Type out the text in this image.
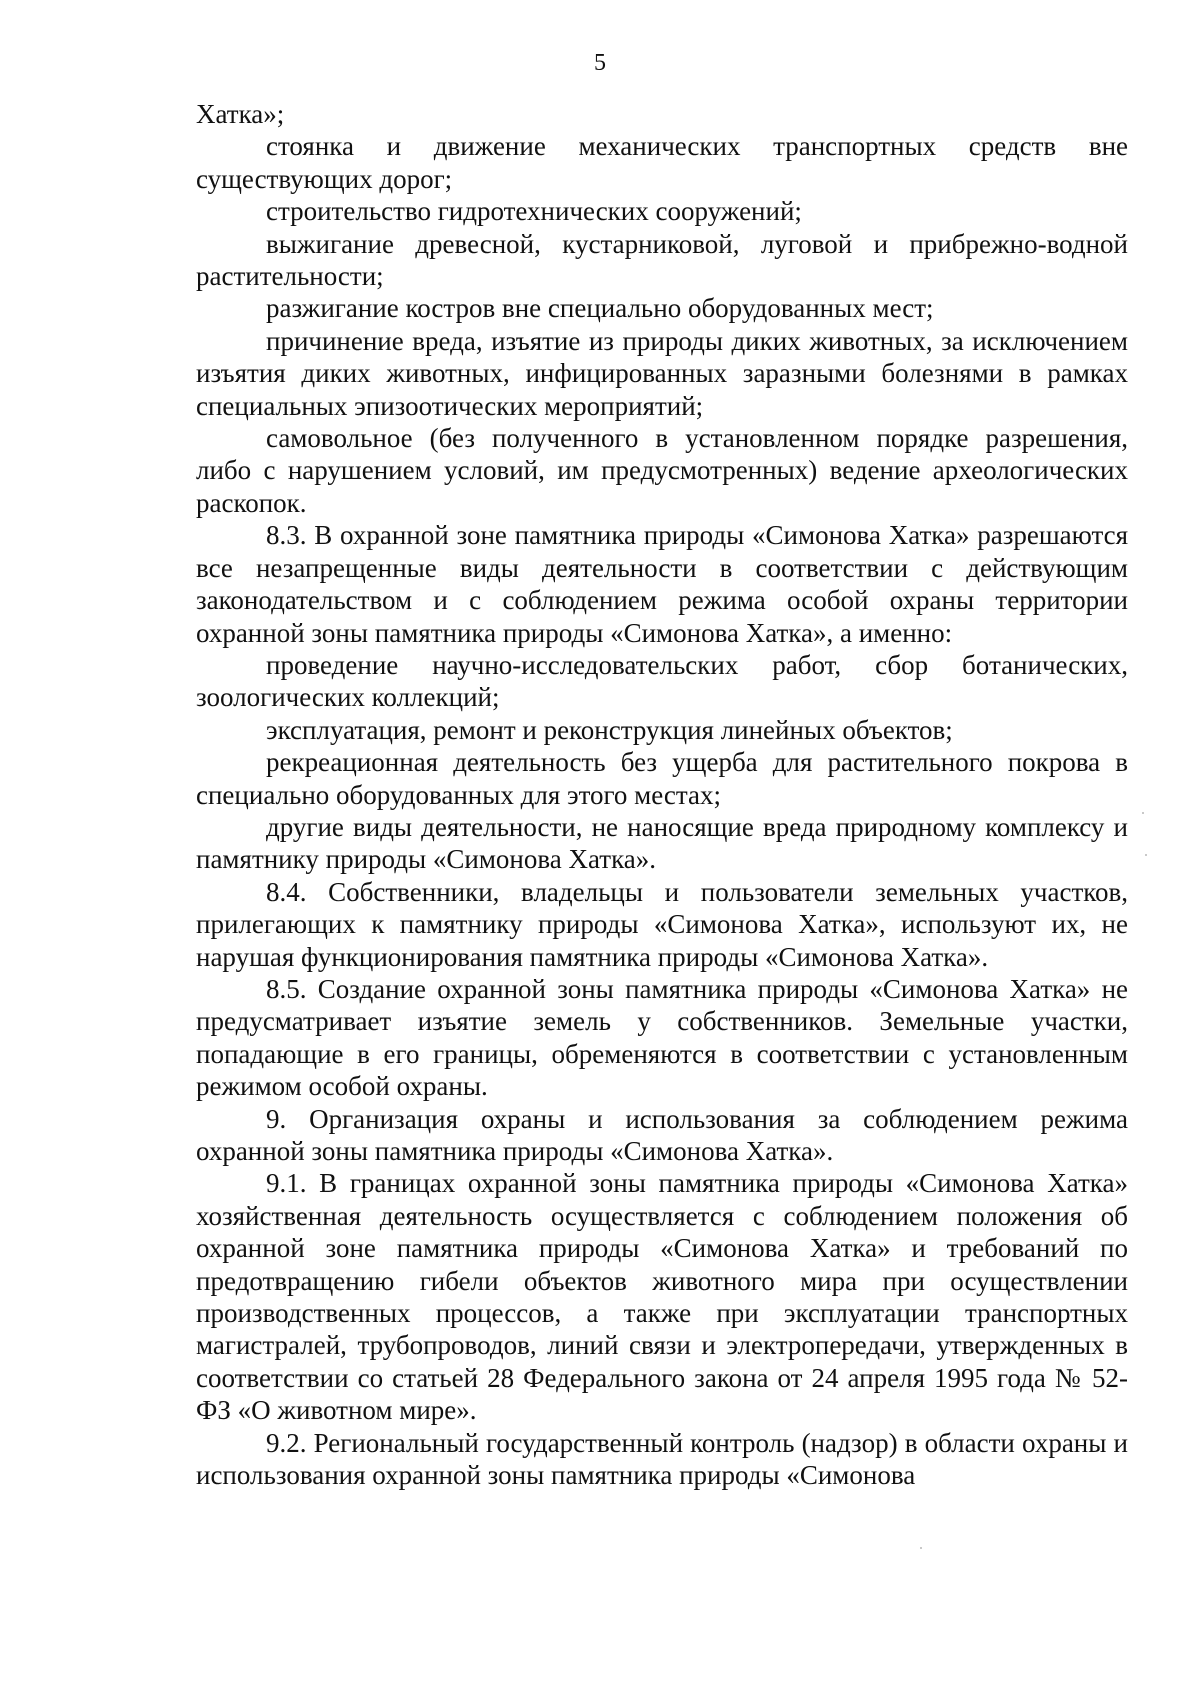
5

Хатка»;

стоянка и движение механических транспортных средств вне существующих дорог;

строительство гидротехнических сооружений;

выжигание древесной, кустарниковой, луговой и прибрежно-водной растительности;

разжигание костров вне специально оборудованных мест;

причинение вреда, изъятие из природы диких животных, за исключением изъятия диких животных, инфицированных заразными болезнями в рамках специальных эпизоотических мероприятий;

самовольное (без полученного в установленном порядке разрешения, либо с нарушением условий, им предусмотренных) ведение археологических раскопок.

8.3. В охранной зоне памятника природы «Симонова Хатка» разрешаются все незапрещенные виды деятельности в соответствии с действующим законодательством и с соблюдением режима особой охраны территории охранной зоны памятника природы «Симонова Хатка», а именно:

проведение научно-исследовательских работ, сбор ботанических, зоологических коллекций;

эксплуатация, ремонт и реконструкция линейных объектов;

рекреационная деятельность без ущерба для растительного покрова в специально оборудованных для этого местах;

другие виды деятельности, не наносящие вреда природному комплексу и памятнику природы «Симонова Хатка».

8.4. Собственники, владельцы и пользователи земельных участков, прилегающих к памятнику природы «Симонова Хатка», используют их, не нарушая функционирования памятника природы «Симонова Хатка».

8.5. Создание охранной зоны памятника природы «Симонова Хатка» не предусматривает изъятие земель у собственников. Земельные участки, попадающие в его границы, обременяются в соответствии с установленным режимом особой охраны.

9. Организация охраны и использования за соблюдением режима охранной зоны памятника природы «Симонова Хатка».

9.1. В границах охранной зоны памятника природы «Симонова Хатка» хозяйственная деятельность осуществляется с соблюдением положения об охранной зоне памятника природы «Симонова Хатка» и требований по предотвращению гибели объектов животного мира при осуществлении производственных процессов, а также при эксплуатации транспортных магистралей, трубопроводов, линий связи и электропередачи, утвержденных в соответствии со статьей 28 Федерального закона от 24 апреля 1995 года № 52-ФЗ «О животном мире».

9.2. Региональный государственный контроль (надзор) в области охраны и использования охранной зоны памятника природы «Симонова
